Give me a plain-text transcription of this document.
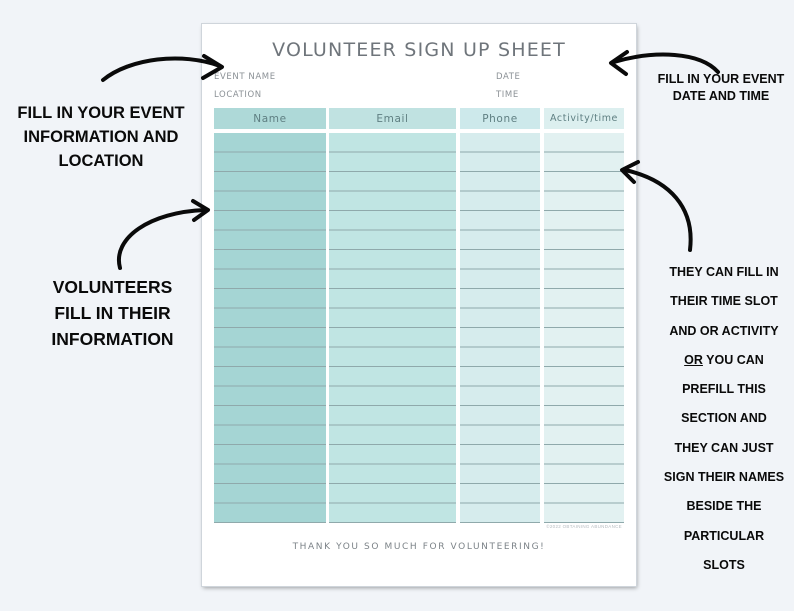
VOLUNTEER SIGN UP SHEET
EVENT NAME	DATE
LOCATION	TIME
Name	Email	Phone	Activity/time
©2022 OBTAINING ABUNDANCE
THANK YOU SO MUCH FOR VOLUNTEERING!
FILL IN YOUR EVENT
INFORMATION AND
LOCATION
VOLUNTEERS
FILL IN THEIR
INFORMATION
FILL IN YOUR EVENT
DATE AND TIME
THEY CAN FILL IN
THEIR TIME SLOT
AND OR ACTIVITY
OR YOU CAN
PREFILL THIS
SECTION AND
THEY CAN JUST
SIGN THEIR NAMES
BESIDE THE
PARTICULAR
SLOTS
